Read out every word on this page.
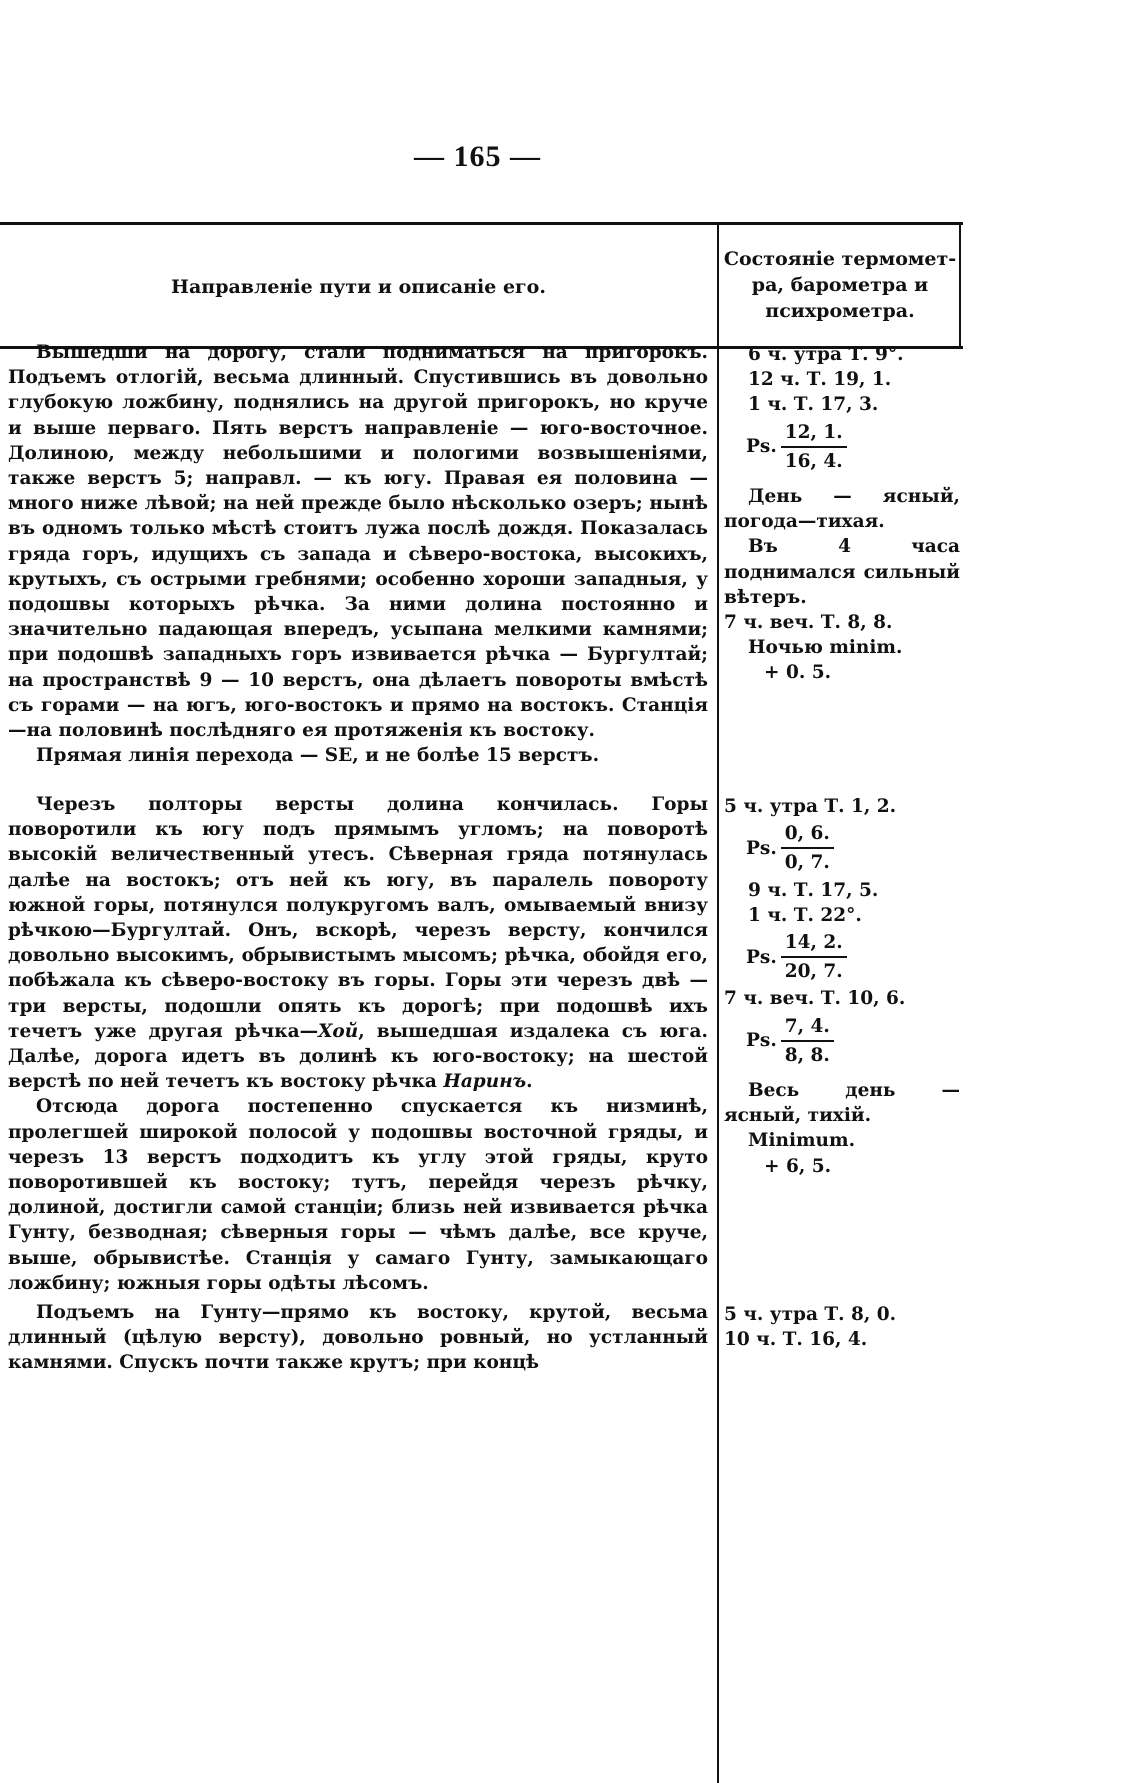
— 165 —
Направленіе пути и описаніе его.
Состояніе термомет-
ра, барометра и
психрометра.

Вышедши на дорогу, стали подниматься на пригорокъ. Подъемъ отлогій, весьма длинный. Спустившись въ довольно глубокую ложбину, поднялись на другой пригорокъ, но круче и выше перваго. Пять верстъ направленіе — юго-восточное. Долиною, между небольшими и пологими возвышеніями, также верстъ 5; направл. — къ югу. Правая ея половина — много ниже лѣвой; на ней прежде было нѣсколько озеръ; нынѣ въ одномъ только мѣстѣ стоитъ лужа послѣ дождя. Показалась гряда горъ, идущихъ съ запада и сѣверо-востока, высокихъ, крутыхъ, съ острыми гребнями; особенно хороши западныя, у подошвы которыхъ рѣчка. За ними долина постоянно и значительно падающая впередъ, усыпана мелкими камнями; при подошвѣ западныхъ горъ извивается рѣчка — Бургултай; на пространствѣ 9 — 10 верстъ, она дѣлаетъ повороты вмѣстѣ съ горами — на югъ, юго-востокъ и прямо на востокъ. Станція—на половинѣ послѣдняго ея протяженія къ востоку.

Прямая линія перехода — SE, и не болѣе 15 верстъ.

6 ч. утра Т. 9°.
12 ч. Т. 19, 1.
1 ч. Т. 17, 3.
Ps. $\frac{12, 1.}{16, 4.}$

День — ясный, погода—тихая.

Въ 4 часа поднимался сильный вѣтеръ.

7 ч. веч. Т. 8, 8.
Ночью minim.
+ 0. 5.

Черезъ полторы версты долина кончилась. Горы поворотили къ югу подъ прямымъ угломъ; на поворотѣ высокій величественный утесъ. Сѣверная гряда потянулась далѣе на востокъ; отъ ней къ югу, въ паралель повороту южной горы, потянулся полукругомъ валъ, омываемый внизу рѣчкою—Бургултай. Онъ, вскорѣ, черезъ версту, кончился довольно высокимъ, обрывистымъ мысомъ; рѣчка, обойдя его, побѣжала къ сѣверо-востоку въ горы. Горы эти черезъ двѣ — три версты, подошли опять къ дорогѣ; при подошвѣ ихъ течетъ уже другая рѣчка—Хой, вышедшая издалека съ юга. Далѣе, дорога идетъ въ долинѣ къ юго-востоку; на шестой верстѣ по ней течетъ къ востоку рѣчка Наринъ.

Отсюда дорога постепенно спускается къ низминѣ, пролегшей широкой полосой у подошвы восточной гряды, и черезъ 13 верстъ подходитъ къ углу этой гряды, круто поворотившей къ востоку; тутъ, перейдя черезъ рѣчку, долиной, достигли самой станціи; близь ней извивается рѣчка Гунту, безводная; сѣверныя горы — чѣмъ далѣе, все круче, выше, обрывистѣе. Станція у самаго Гунту, замыкающаго ложбину; южныя горы одѣты лѣсомъ.

5 ч. утра Т. 1, 2.
Ps. $\frac{0, 6.}{0, 7.}$
9 ч. Т. 17, 5.
1 ч. Т. 22°.
Ps. $\frac{14, 2.}{20, 7.}$
7 ч. веч. Т. 10, 6.
Ps. $\frac{7, 4.}{8, 8.}$

Весь день — ясный, тихій.

Minimum.
+ 6, 5.

Подъемъ на Гунту—прямо къ востоку, крутой, весьма длинный (цѣлую версту), довольно ровный, но устланный камнями. Спускъ почти также крутъ; при концѣ

5 ч. утра Т. 8, 0.
10 ч. Т. 16, 4.
